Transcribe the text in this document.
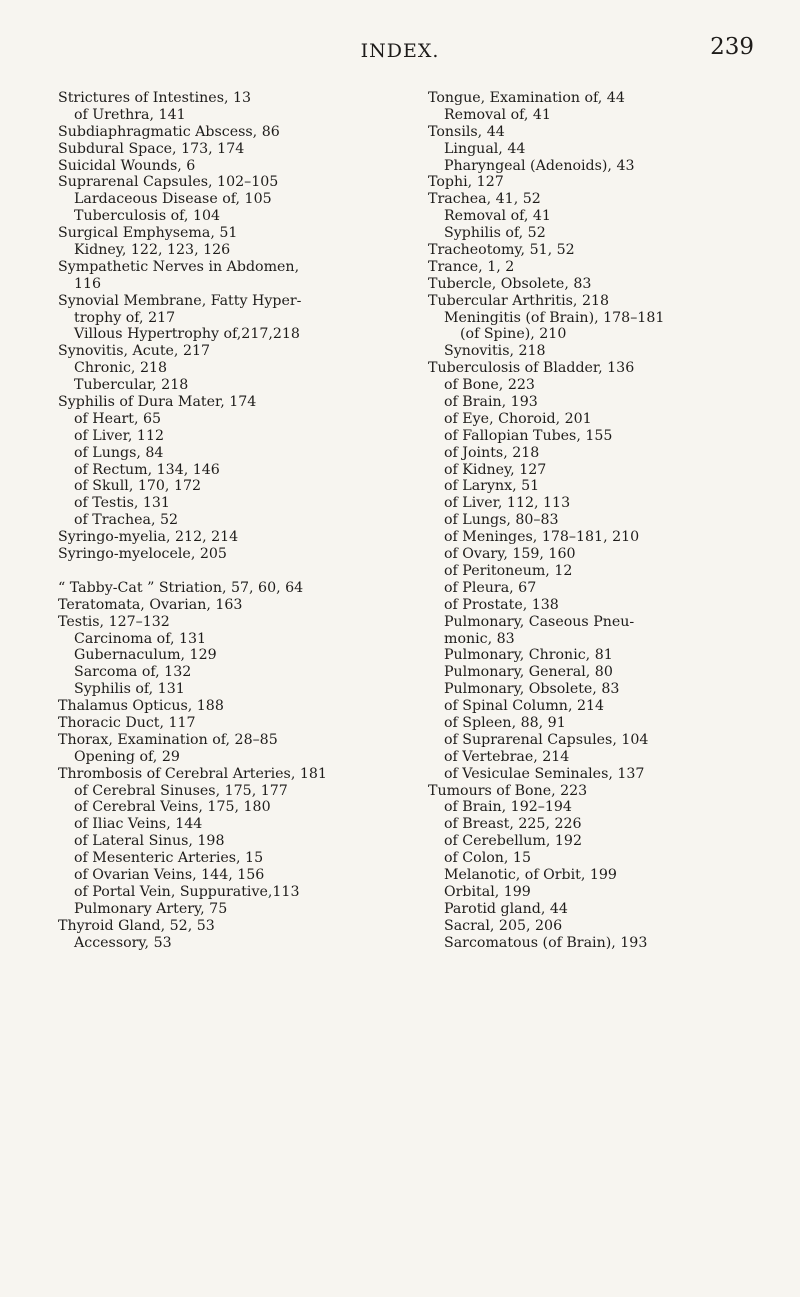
INDEX.	239
Strictures of Intestines, 13
of Urethra, 141
Subdiaphragmatic Abscess, 86
Subdural Space, 173, 174
Suicidal Wounds, 6
Suprarenal Capsules, 102–105
Lardaceous Disease of, 105
Tuberculosis of, 104
Surgical Emphysema, 51
Kidney, 122, 123, 126
Sympathetic Nerves in Abdomen,
116
Synovial Membrane, Fatty Hyper-
trophy of, 217
Villous Hypertrophy of,217,218
Synovitis, Acute, 217
Chronic, 218
Tubercular, 218
Syphilis of Dura Mater, 174
of Heart, 65
of Liver, 112
of Lungs, 84
of Rectum, 134, 146
of Skull, 170, 172
of Testis, 131
of Trachea, 52
Syringo-myelia, 212, 214
Syringo-myelocele, 205
“ Tabby-Cat ” Striation, 57, 60, 64
Teratomata, Ovarian, 163
Testis, 127–132
Carcinoma of, 131
Gubernaculum, 129
Sarcoma of, 132
Syphilis of, 131
Thalamus Opticus, 188
Thoracic Duct, 117
Thorax, Examination of, 28–85
Opening of, 29
Thrombosis of Cerebral Arteries, 181
of Cerebral Sinuses, 175, 177
of Cerebral Veins, 175, 180
of Iliac Veins, 144
of Lateral Sinus, 198
of Mesenteric Arteries, 15
of Ovarian Veins, 144, 156
of Portal Vein, Suppurative,113
Pulmonary Artery, 75
Thyroid Gland, 52, 53
Accessory, 53
Tongue, Examination of, 44
Removal of, 41
Tonsils, 44
Lingual, 44
Pharyngeal (Adenoids), 43
Tophi, 127
Trachea, 41, 52
Removal of, 41
Syphilis of, 52
Tracheotomy, 51, 52
Trance, 1, 2
Tubercle, Obsolete, 83
Tubercular Arthritis, 218
Meningitis (of Brain), 178–181
(of Spine), 210
Synovitis, 218
Tuberculosis of Bladder, 136
of Bone, 223
of Brain, 193
of Eye, Choroid, 201
of Fallopian Tubes, 155
of Joints, 218
of Kidney, 127
of Larynx, 51
of Liver, 112, 113
of Lungs, 80–83
of Meninges, 178–181, 210
of Ovary, 159, 160
of Peritoneum, 12
of Pleura, 67
of Prostate, 138
Pulmonary, Caseous Pneu-
monic, 83
Pulmonary, Chronic, 81
Pulmonary, General, 80
Pulmonary, Obsolete, 83
of Spinal Column, 214
of Spleen, 88, 91
of Suprarenal Capsules, 104
of Vertebrae, 214
of Vesiculae Seminales, 137
Tumours of Bone, 223
of Brain, 192–194
of Breast, 225, 226
of Cerebellum, 192
of Colon, 15
Melanotic, of Orbit, 199
Orbital, 199
Parotid gland, 44
Sacral, 205, 206
Sarcomatous (of Brain), 193
